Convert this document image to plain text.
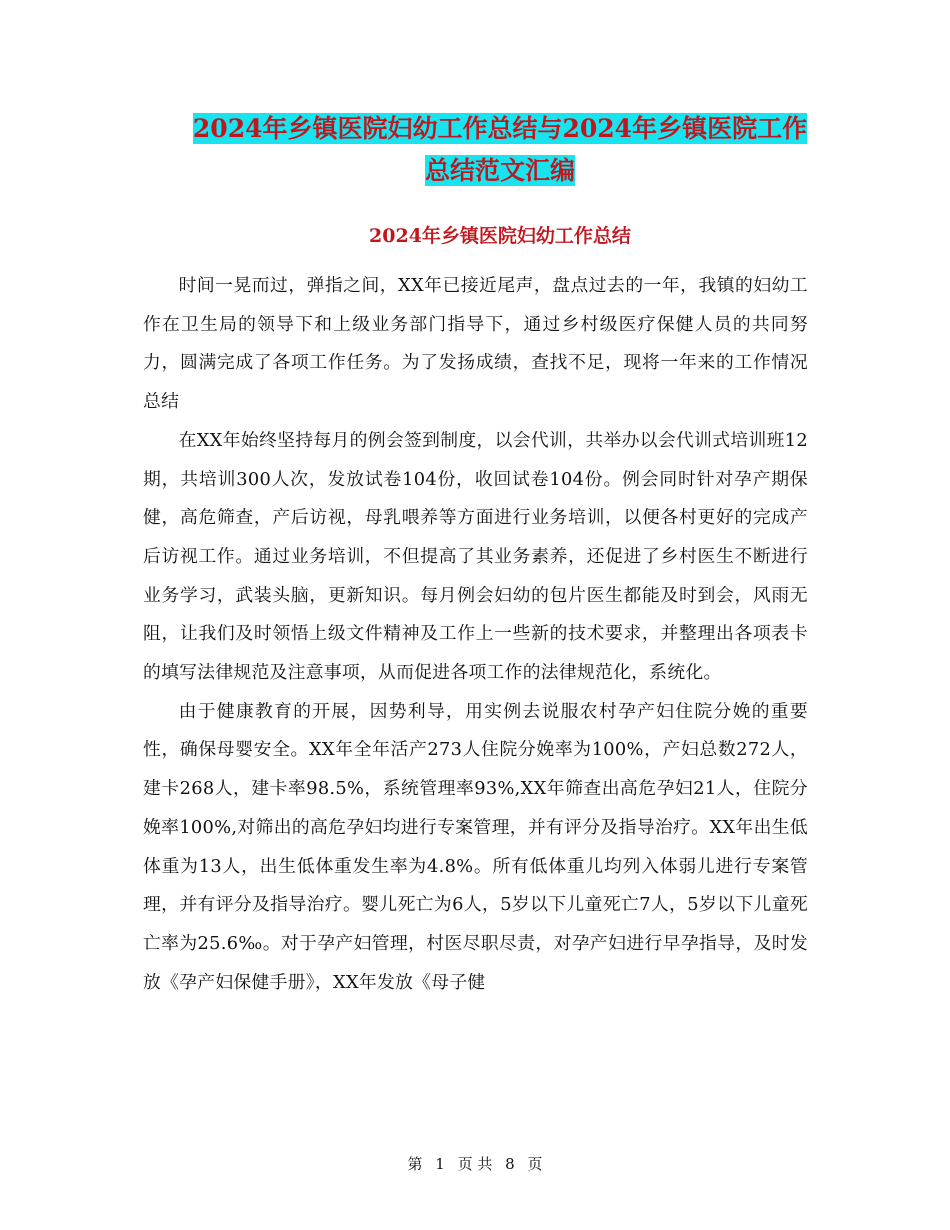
2024年乡镇医院妇幼工作总结与2024年乡镇医院工作
总结范文汇编
2024年乡镇医院妇幼工作总结

时间一晃而过，弹指之间，XX年已接近尾声，盘点过去的一年，我镇的妇幼工作在卫生局的领导下和上级业务部门指导下，通过乡村级医疗保健人员的共同努力，圆满完成了各项工作任务。为了发扬成绩，查找不足，现将一年来的工作情况总结

在XX年始终坚持每月的例会签到制度，以会代训，共举办以会代训式培训班12期，共培训300人次，发放试卷104份，收回试卷104份。例会同时针对孕产期保健，高危筛查，产后访视，母乳喂养等方面进行业务培训，以便各村更好的完成产后访视工作。通过业务培训，不但提高了其业务素养，还促进了乡村医生不断进行业务学习，武装头脑，更新知识。每月例会妇幼的包片医生都能及时到会，风雨无阻，让我们及时领悟上级文件精神及工作上一些新的技术要求，并整理出各项表卡的填写法律规范及注意事项，从而促进各项工作的法律规范化，系统化。

由于健康教育的开展，因势利导，用实例去说服农村孕产妇住院分娩的重要性，确保母婴安全。XX年全年活产273人住院分娩率为100%，产妇总数272人，建卡268人，建卡率98.5%，系统管理率93%,XX年筛查出高危孕妇21人，住院分娩率100%,对筛出的高危孕妇均进行专案管理，并有评分及指导治疗。XX年出生低体重为13人，出生低体重发生率为4.8%。所有低体重儿均列入体弱儿进行专案管理，并有评分及指导治疗。婴儿死亡为6人，5岁以下儿童死亡7人，5岁以下儿童死亡率为25.6‰。对于孕产妇管理，村医尽职尽责，对孕产妇进行早孕指导，及时发放《孕产妇保健手册》，XX年发放《母子健

第 1 页 共 8 页
